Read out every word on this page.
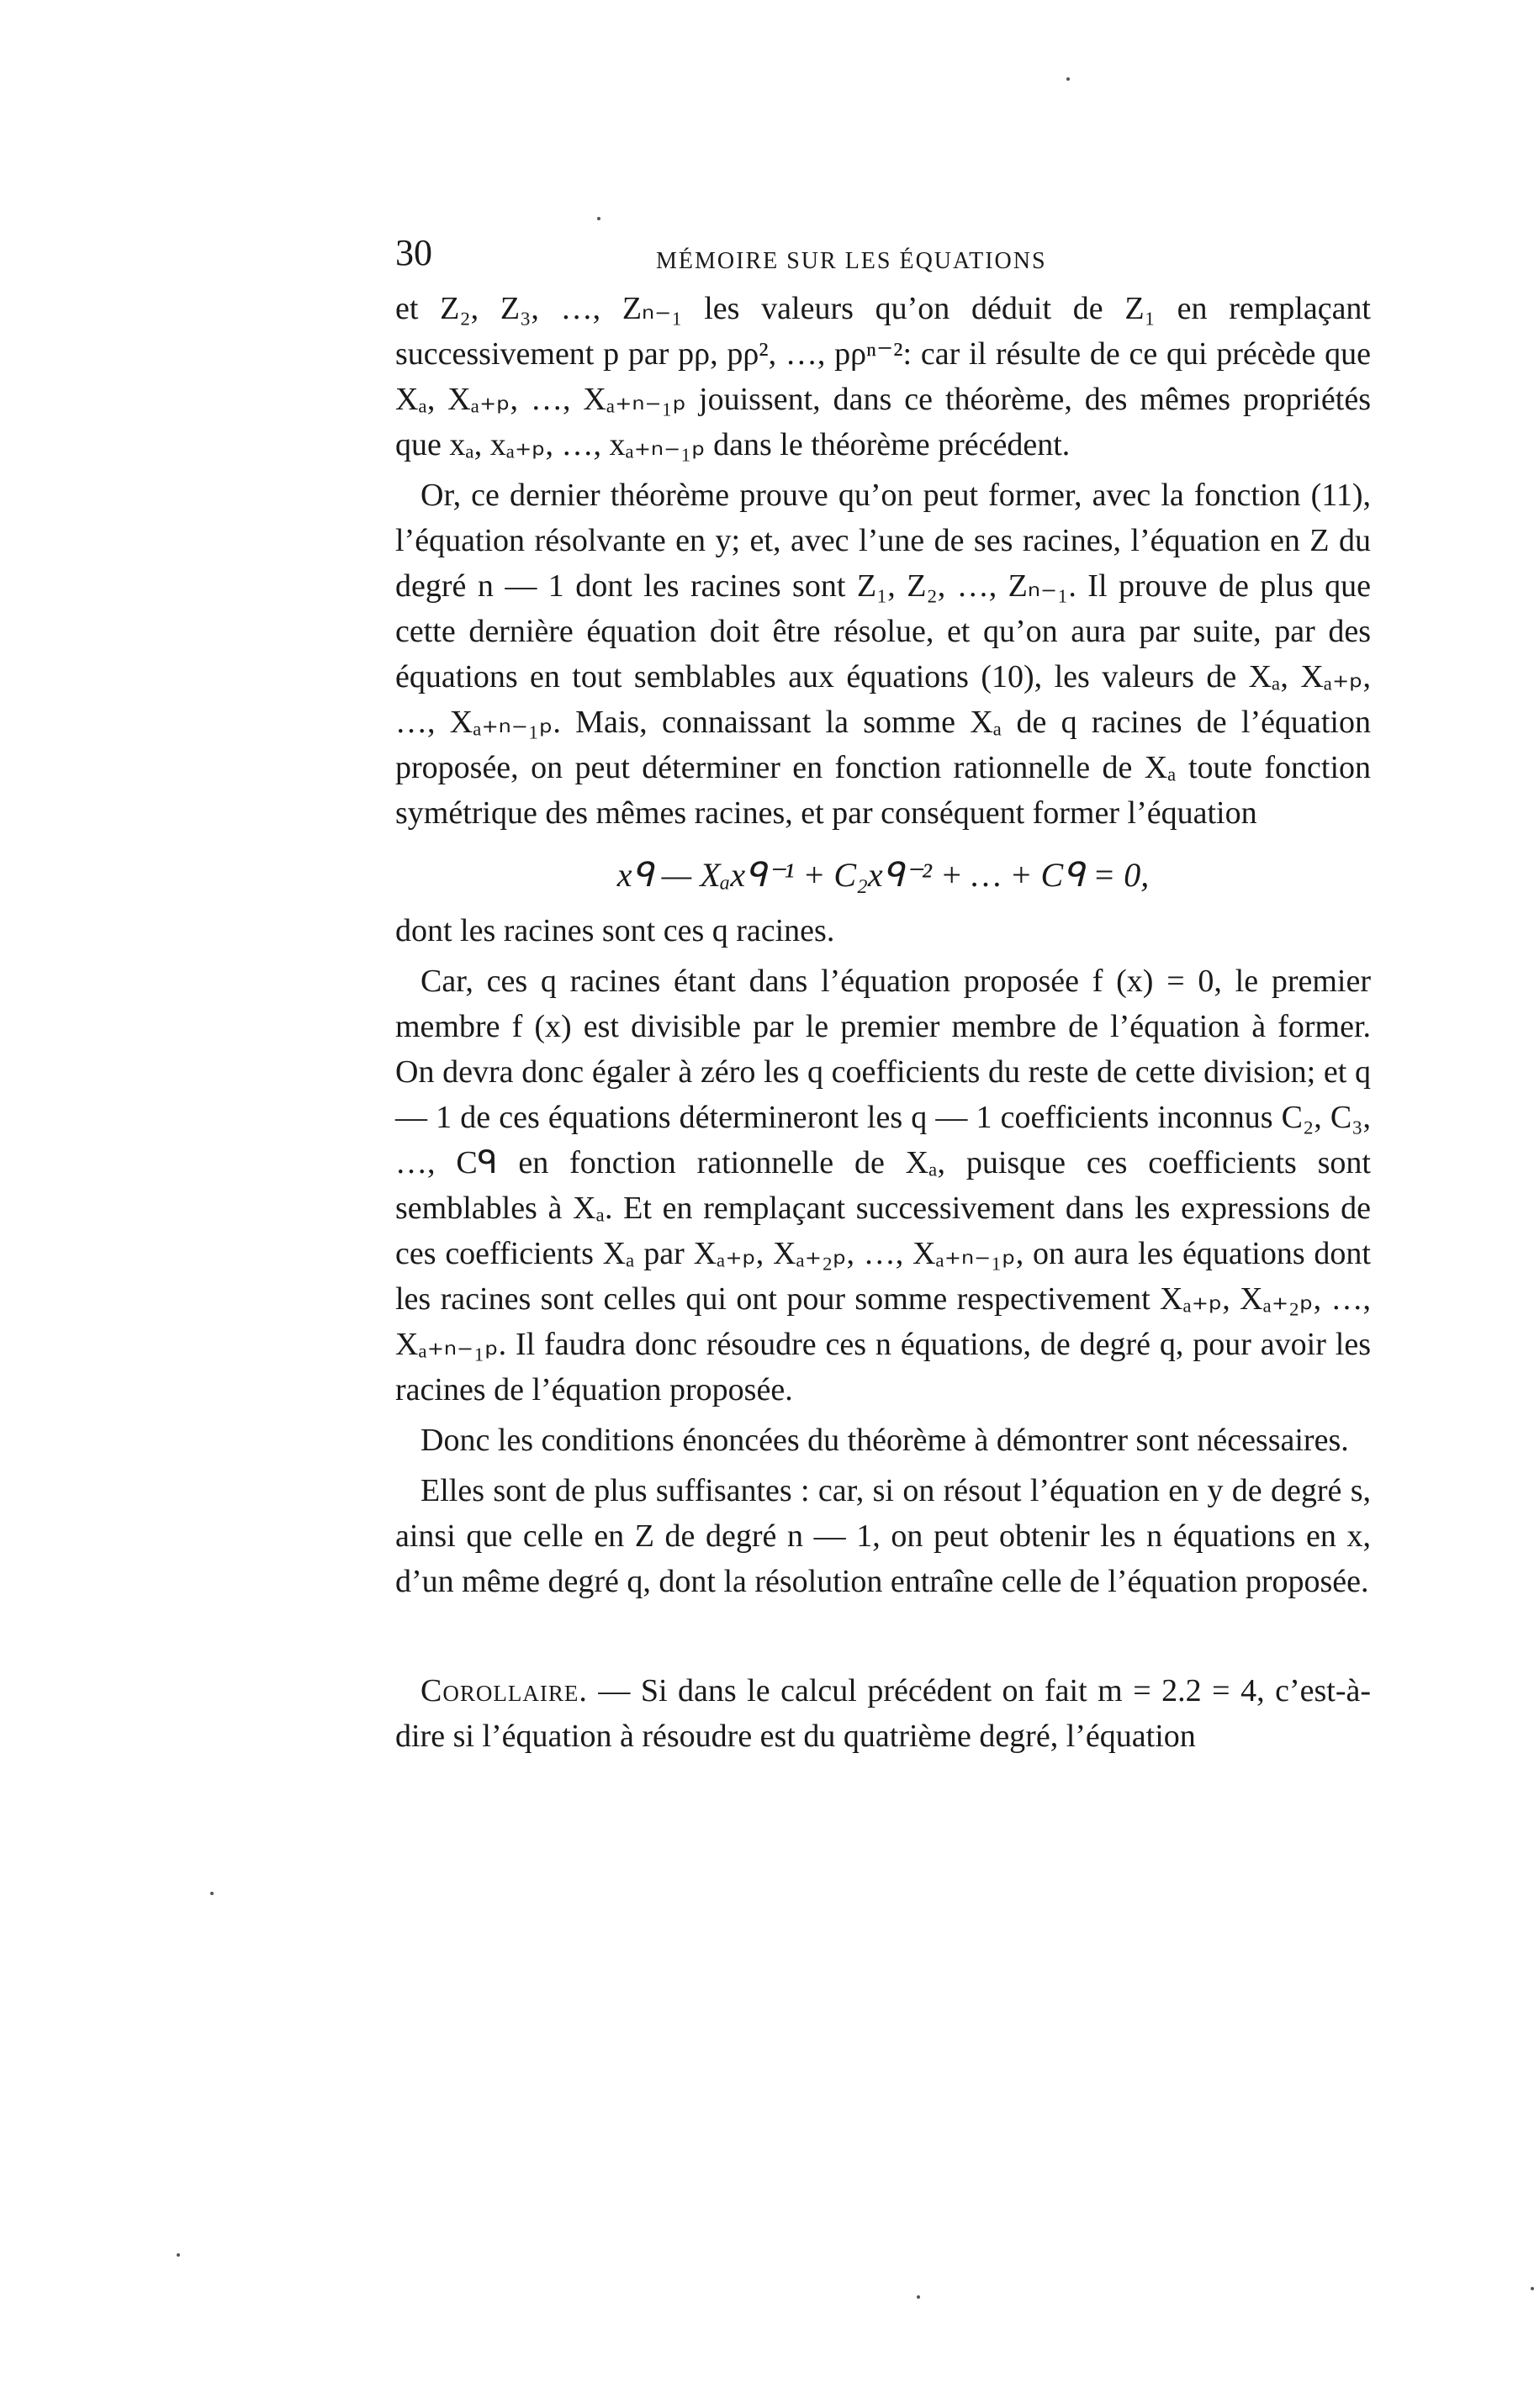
30	MÉMOIRE SUR LES ÉQUATIONS

et Z₂, Z₃, …, Zₙ₋₁ les valeurs qu’on déduit de Z₁ en remplaçant successivement p par pρ, pρ², …, pρⁿ⁻²: car il résulte de ce qui précède que Xₐ, Xₐ₊ₚ, …, Xₐ₊ₙ₋₁ₚ jouissent, dans ce théorème, des mêmes propriétés que xₐ, xₐ₊ₚ, …, xₐ₊ₙ₋₁ₚ dans le théorème précédent.

Or, ce dernier théorème prouve qu’on peut former, avec la fonction (11), l’équation résolvante en y; et, avec l’une de ses racines, l’équation en Z du degré n — 1 dont les racines sont Z₁, Z₂, …, Zₙ₋₁. Il prouve de plus que cette dernière équation doit être résolue, et qu’on aura par suite, par des équations en tout semblables aux équations (10), les valeurs de Xₐ, Xₐ₊ₚ, …, Xₐ₊ₙ₋₁ₚ. Mais, connaissant la somme Xₐ de q racines de l’équation proposée, on peut déterminer en fonction rationnelle de Xₐ toute fonction symétrique des mêmes racines, et par conséquent former l’équation

xᑫ — Xₐxᑫ⁻¹ + C₂xᑫ⁻² + … + Cᑫ = 0,

dont les racines sont ces q racines.

Car, ces q racines étant dans l’équation proposée f (x) = 0, le premier membre f (x) est divisible par le premier membre de l’équation à former. On devra donc égaler à zéro les q coefficients du reste de cette division; et q — 1 de ces équations détermineront les q — 1 coefficients inconnus C₂, C₃, …, Cᑫ en fonction rationnelle de Xₐ, puisque ces coefficients sont semblables à Xₐ. Et en remplaçant successivement dans les expressions de ces coefficients Xₐ par Xₐ₊ₚ, Xₐ₊₂ₚ, …, Xₐ₊ₙ₋₁ₚ, on aura les équations dont les racines sont celles qui ont pour somme respectivement Xₐ₊ₚ, Xₐ₊₂ₚ, …, Xₐ₊ₙ₋₁ₚ. Il faudra donc résoudre ces n équations, de degré q, pour avoir les racines de l’équation proposée.

Donc les conditions énoncées du théorème à démontrer sont nécessaires.

Elles sont de plus suffisantes : car, si on résout l’équation en y de degré s, ainsi que celle en Z de degré n — 1, on peut obtenir les n équations en x, d’un même degré q, dont la résolution entraîne celle de l’équation proposée.

Corollaire. — Si dans le calcul précédent on fait m = 2.2 = 4, c’est-à-dire si l’équation à résoudre est du quatrième degré, l’équation
